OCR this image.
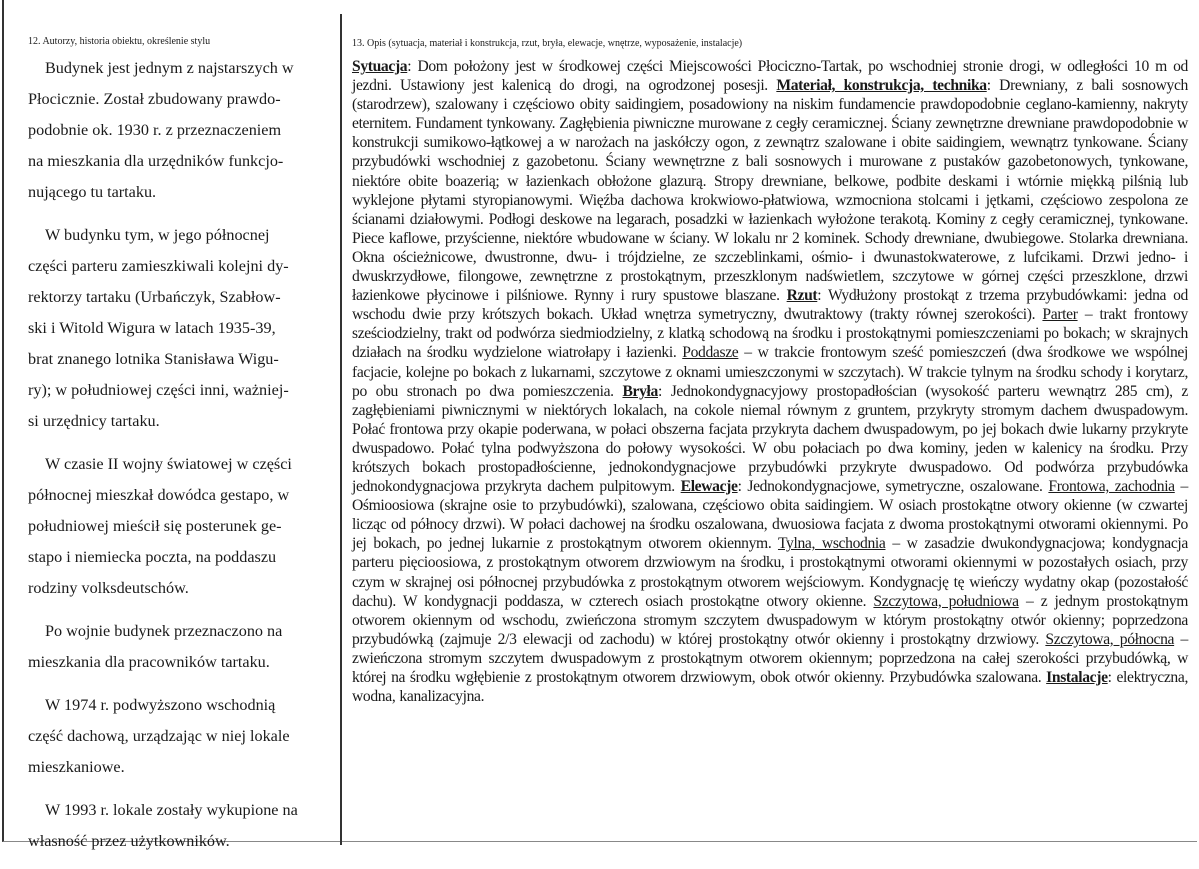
12. Autorzy, historia obiektu, określenie stylu
Budynek jest jednym z najstarszych w
Płocicznie. Został zbudowany prawdo-
podobnie ok. 1930 r. z przeznaczeniem
na mieszkania dla urzędników funkcjo-
nującego tu tartaku.
W budynku tym, w jego północnej
części parteru zamieszkiwali kolejni dy-
rektorzy tartaku (Urbańczyk, Szabłow-
ski i Witold Wigura w latach 1935-39,
brat znanego lotnika Stanisława Wigu-
ry); w południowej części inni, ważniej-
si urzędnicy tartaku.
W czasie II wojny światowej w części
północnej mieszkał dowódca gestapo, w
południowej mieścił się posterunek ge-
stapo i niemiecka poczta, na poddaszu
rodziny volksdeutschów.
Po wojnie budynek przeznaczono na
mieszkania dla pracowników tartaku.
W 1974 r. podwyższono wschodnią
część dachową, urządzając w niej lokale
mieszkaniowe.
W 1993 r. lokale zostały wykupione na
własność przez użytkowników.
13. Opis (sytuacja, materiał i konstrukcja, rzut, bryła, elewacje, wnętrze, wyposażenie, instalacje)
Sytuacja: Dom położony jest w środkowej części Miejscowości Płociczno-Tartak, po wschodniej stronie drogi, w odległości 10 m od jezdni. Ustawiony jest kalenicą do drogi, na ogrodzonej posesji. Materiał, konstrukcja, technika: Drewniany, z bali sosnowych (starodrzew), szalowany i częściowo obity saidingiem, posadowiony na niskim fundamencie prawdopodobnie ceglano-kamienny, nakryty eternitem. Fundament tynkowany. Zagłębienia piwniczne murowane z cegły ceramicznej. Ściany zewnętrzne drewniane prawdopodobnie w konstrukcji sumikowo-łątkowej a w narożach na jaskółczy ogon, z zewnątrz szalowane i obite saidingiem, wewnątrz tynkowane. Ściany przybudówki wschodniej z gazobetonu. Ściany wewnętrzne z bali sosnowych i murowane z pustaków gazobetonowych, tynkowane, niektóre obite boazerią; w łazienkach obłożone glazurą. Stropy drewniane, belkowe, podbite deskami i wtórnie miękką pilśnią lub wyklejone płytami styropianowymi. Więźba dachowa krokwiowo-płatwiowa, wzmocniona stolcami i jętkami, częściowo zespolona ze ścianami działowymi. Podłogi deskowe na legarach, posadzki w łazienkach wyłożone terakotą. Kominy z cegły ceramicznej, tynkowane. Piece kaflowe, przyścienne, niektóre wbudowane w ściany. W lokalu nr 2 kominek. Schody drewniane, dwubiegowe. Stolarka drewniana. Okna ościeżnicowe, dwustronne, dwu- i trójdzielne, ze szczeblinkami, ośmio- i dwunastokwaterowe, z lufcikami. Drzwi jedno- i dwuskrzydłowe, filongowe, zewnętrzne z prostokątnym, przeszklonym nadświetlem, szczytowe w górnej części przeszklone, drzwi łazienkowe płycinowe i pilśniowe. Rynny i rury spustowe blaszane. Rzut: Wydłużony prostokąt z trzema przybudówkami: jedna od wschodu dwie przy krótszych bokach. Układ wnętrza symetryczny, dwutraktowy (trakty równej szerokości). Parter – trakt frontowy sześciodzielny, trakt od podwórza siedmiodzielny, z klatką schodową na środku i prostokątnymi pomieszczeniami po bokach; w skrajnych działach na środku wydzielone wiatrołapy i łazienki. Poddasze – w trakcie frontowym sześć pomieszczeń (dwa środkowe we wspólnej facjacie, kolejne po bokach z lukarnami, szczytowe z oknami umieszczonymi w szczytach). W trakcie tylnym na środku schody i korytarz, po obu stronach po dwa pomieszczenia. Bryła: Jednokondygnacyjowy prostopadłościan (wysokość parteru wewnątrz 285 cm), z zagłębieniami piwnicznymi w niektórych lokalach, na cokole niemal równym z gruntem, przykryty stromym dachem dwuspadowym. Połać frontowa przy okapie poderwana, w połaci obszerna facjata przykryta dachem dwuspadowym, po jej bokach dwie lukarny przykryte dwuspadowo. Połać tylna podwyższona do połowy wysokości. W obu połaciach po dwa kominy, jeden w kalenicy na środku. Przy krótszych bokach prostopadłościenne, jednokondygnacjowe przybudówki przykryte dwuspadowo. Od podwórza przybudówka jednokondygnacjowa przykryta dachem pulpitowym. Elewacje: Jednokondygnacjowe, symetryczne, oszalowane. Frontowa, zachodnia – Ośmioosiowa (skrajne osie to przybudówki), szalowana, częściowo obita saidingiem. W osiach prostokątne otwory okienne (w czwartej licząc od północy drzwi). W połaci dachowej na środku oszalowana, dwuosiowa facjata z dwoma prostokątnymi otworami okiennymi. Po jej bokach, po jednej lukarnie z prostokątnym otworem okiennym. Tylna, wschodnia – w zasadzie dwukondygnacjowa; kondygnacja parteru pięcioosiowa, z prostokątnym otworem drzwiowym na środku, i prostokątnymi otworami okiennymi w pozostałych osiach, przy czym w skrajnej osi północnej przybudówka z prostokątnym otworem wejściowym. Kondygnację tę wieńczy wydatny okap (pozostałość dachu). W kondygnacji poddasza, w czterech osiach prostokątne otwory okienne. Szczytowa, południowa – z jednym prostokątnym otworem okiennym od wschodu, zwieńczona stromym szczytem dwuspadowym w którym prostokątny otwór okienny; poprzedzona przybudówką (zajmuje 2/3 elewacji od zachodu) w której prostokątny otwór okienny i prostokątny drzwiowy. Szczytowa, północna – zwieńczona stromym szczytem dwuspadowym z prostokątnym otworem okiennym; poprzedzona na całej szerokości przybudówką, w której na środku wgłębienie z prostokątnym otworem drzwiowym, obok otwór okienny. Przybudówka szalowana. Instalacje: elektryczna, wodna, kanalizacyjna.
